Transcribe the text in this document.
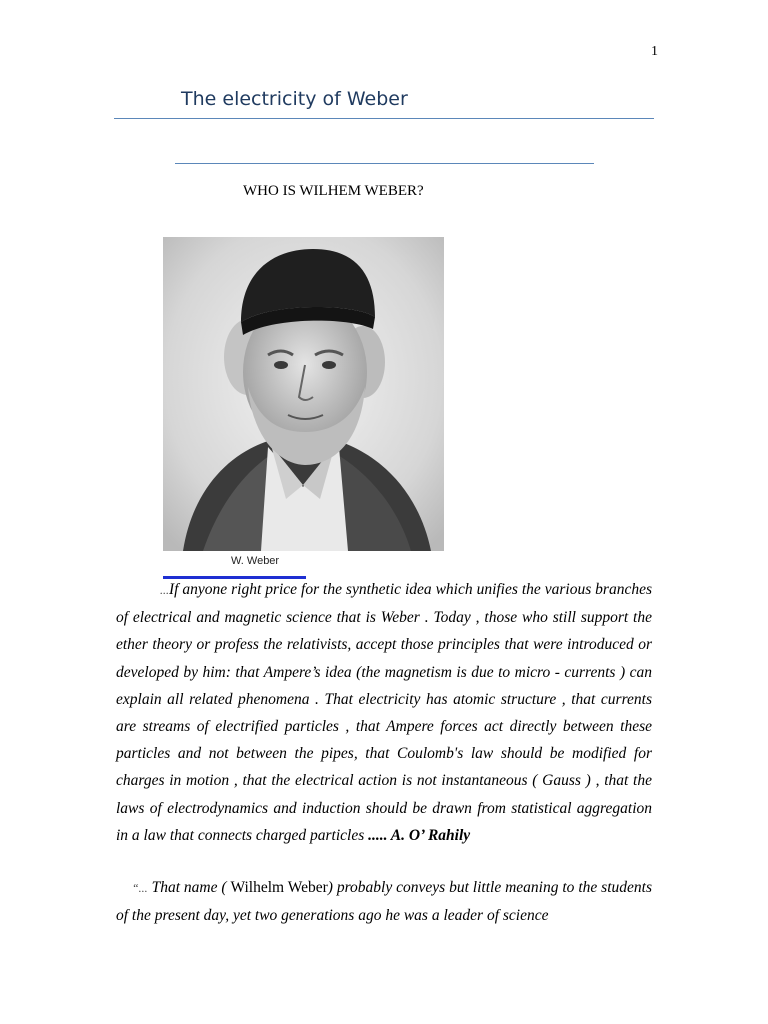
1
The electricity of Weber
WHO IS WILHEM WEBER?
W. Weber

...If anyone right price for the synthetic idea which unifies the various branches of electrical and magnetic science that is Weber . Today , those who still support the ether theory or profess the relativists, accept those principles that were introduced or developed by him: that Ampere’s idea (the magnetism is due to micro - currents ) can explain all related phenomena . That electricity has atomic structure , that currents are streams of electrified particles , that Ampere forces act directly between these particles and not between the pipes, that Coulomb's law should be modified for charges in motion , that the electrical action is not instantaneous ( Gauss ) , that the laws of electrodynamics and induction should be drawn from statistical aggregation in a law that connects charged particles ..... A. O’ Rahily

“... That name ( Wilhelm Weber) probably conveys but little meaning to the students of the present day, yet two generations ago he was a leader of science
